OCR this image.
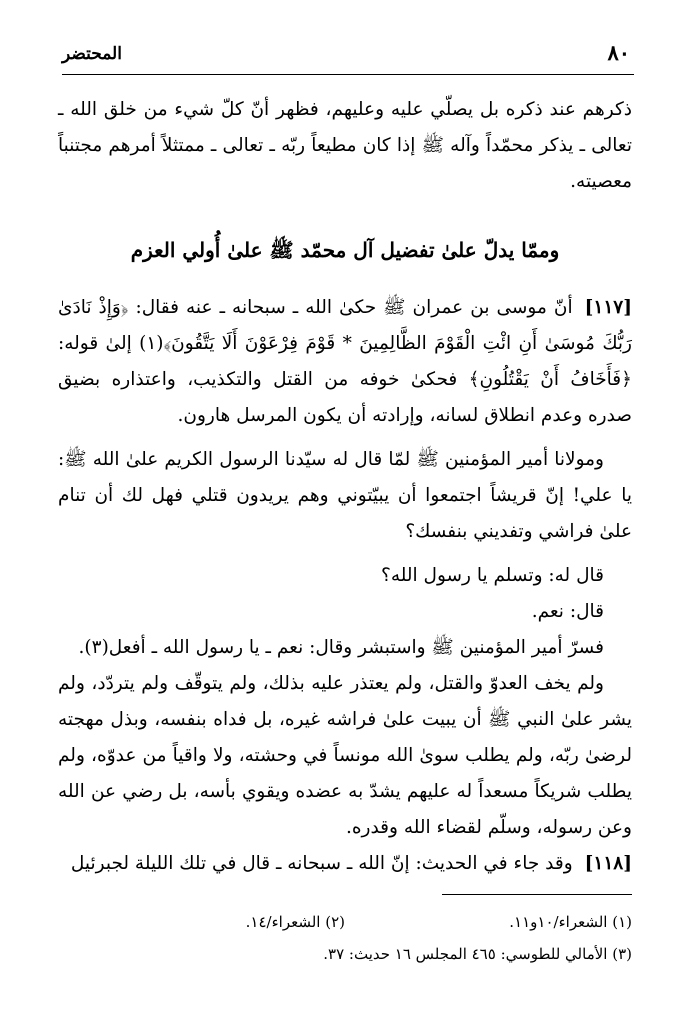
٨٠
المحتضر

ذكرهم عند ذكره بل يصلّي عليه وعليهم، فظهر أنّ كلّ شيء من خلق الله ـ تعالى ـ يذكر محمّداً وآله ﷺ إذا كان مطيعاً ربّه ـ تعالى ـ ممتثلاً أمرهم مجتنباً معصيته.

وممّا يدلّ علىٰ تفضيل آل محمّد ﷺ علىٰ أُولي العزم

[١١٧]أنّ موسى بن عمران ﷺ حكىٰ الله ـ سبحانه ـ عنه فقال: ﴿وَإِذْ نَادَىٰ رَبُّكَ مُوسَىٰ أَنِ ائْتِ الْقَوْمَ الظَّالِمِينَ * قَوْمَ فِرْعَوْنَ أَلَا يَتَّقُونَ﴾(١) إلىٰ قوله: ﴿فَأَخَافُ أَنْ يَقْتُلُونِ﴾ فحكىٰ خوفه من القتل والتكذيب، واعتذاره بضيق صدره وعدم انطلاق لسانه، وإرادته أن يكون المرسل هارون.

ومولانا أمير المؤمنين ﷺ لمّا قال له سيّدنا الرسول الكريم علىٰ الله ﷺ: يا علي! إنّ قريشاً اجتمعوا أن يبيّتوني وهم يريدون قتلي فهل لك أن تنام علىٰ فراشي وتفديني بنفسك؟

قال له: وتسلم يا رسول الله؟

قال: نعم.

فسرّ أمير المؤمنين ﷺ واستبشر وقال: نعم ـ يا رسول الله ـ أفعل(٣).

ولم يخف العدوّ والقتل، ولم يعتذر عليه بذلك، ولم يتوقّف ولم يتردّد، ولم يشر علىٰ النبي ﷺ أن يبيت علىٰ فراشه غيره، بل فداه بنفسه، وبذل مهجته لرضىٰ ربّه، ولم يطلب سوىٰ الله مونساً في وحشته، ولا واقياً من عدوّه، ولم يطلب شريكاً مسعداً له عليهم يشدّ به عضده ويقوي بأسه، بل رضي عن الله وعن رسوله، وسلّم لقضاء الله وقدره.

[١١٨]وقد جاء في الحديث: إنّ الله ـ سبحانه ـ قال في تلك الليلة لجبرئيل

(١) الشعراء/١٠و١١.
(٢) الشعراء/١٤.
(٣) الأمالي للطوسي: ٤٦٥ المجلس ١٦ حديث: ٣٧.
